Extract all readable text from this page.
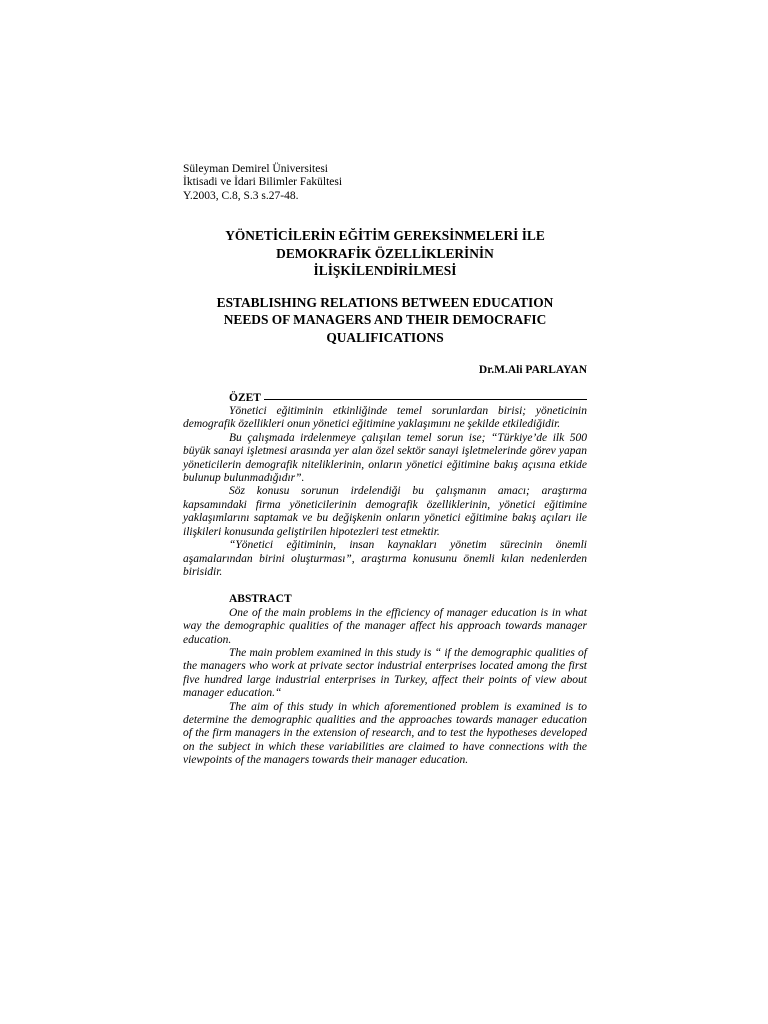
Süleyman Demirel Üniversitesi
İktisadi ve İdari Bilimler Fakültesi
Y.2003, C.8, S.3 s.27-48.
YÖNETİCİLERİN EĞİTİM GEREKSİNMELERİ İLE
DEMOKRAFİK ÖZELLİKLERİNİN
İLİŞKİLENDİRİLMESİ
ESTABLISHING RELATIONS BETWEEN EDUCATION
NEEDS OF MANAGERS AND THEIR DEMOCRAFIC
QUALIFICATIONS
Dr.M.Ali PARLAYAN
ÖZET

Yönetici eğitiminin etkinliğinde temel sorunlardan birisi; yöneticinin demografik özellikleri onun yönetici eğitimine yaklaşımını ne şekilde etkilediğidir.

Bu çalışmada irdelenmeye çalışılan temel sorun ise; “Türkiye’de ilk 500 büyük sanayi işletmesi arasında yer alan özel sektör sanayi işletmelerinde görev yapan yöneticilerin demografik niteliklerinin, onların yönetici eğitimine bakış açısına etkide bulunup bulunmadığıdır”.

Söz konusu sorunun irdelendiği bu çalışmanın amacı; araştırma kapsamındaki firma yöneticilerinin demografik özelliklerinin, yönetici eğitimine yaklaşımlarını saptamak ve bu değişkenin onların yönetici eğitimine bakış açıları ile ilişkileri konusunda geliştirilen hipotezleri test etmektir.

“Yönetici eğitiminin, insan kaynakları yönetim sürecinin önemli aşamalarından birini oluşturması”, araştırma konusunu önemli kılan nedenlerden birisidir.

ABSTRACT

One of the main problems in the efficiency of manager education is in what way the demographic qualities of the manager affect his approach towards manager education.

The main problem examined in this study is “ if the demographic qualities of the managers who work at private sector industrial enterprises located among the first five hundred large industrial enterprises in Turkey, affect their points of view about manager education.“

The aim of this study in which aforementioned problem is examined is to determine the demographic qualities and the approaches towards manager education of the firm managers in the extension of research, and to test the hypotheses developed on the subject in which these variabilities are claimed to have connections with the viewpoints of the managers towards their manager education.
